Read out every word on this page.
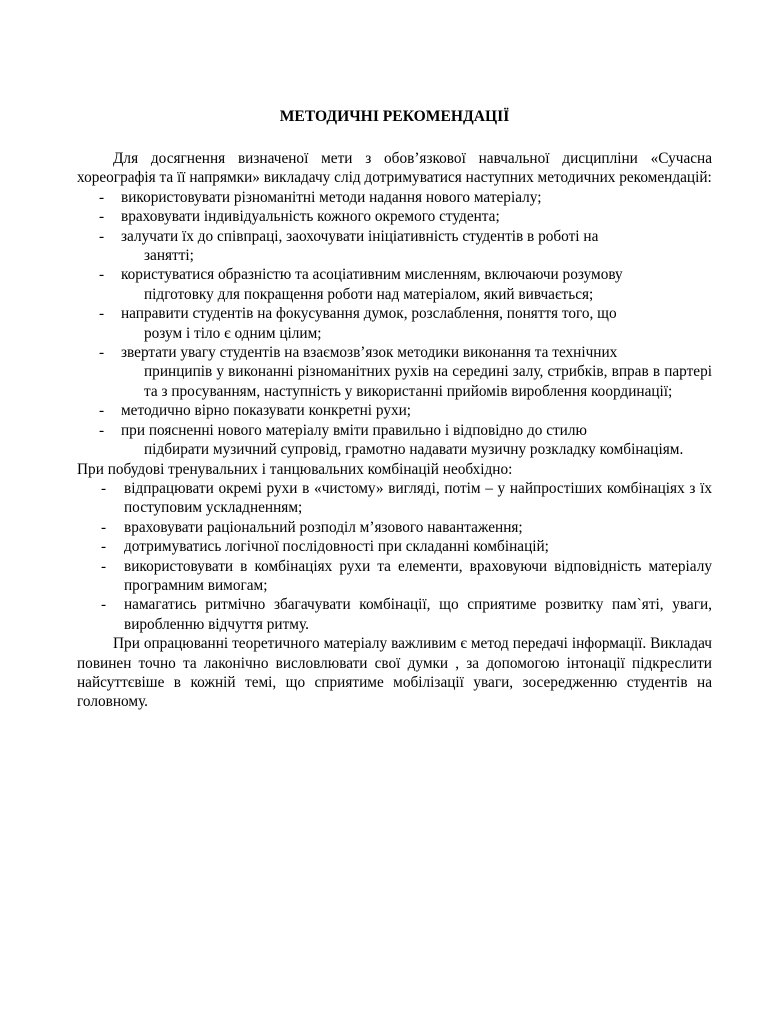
МЕТОДИЧНІ РЕКОМЕНДАЦІЇ

Для досягнення визначеної мети з обов’язкової навчальної дисципліни «Сучасна хореографія та її напрямки» викладачу слід дотримуватися наступних методичних рекомендацій:

- використовувати різноманітні методи надання нового матеріалу;
- враховувати індивідуальність кожного окремого студента;
- залучати їх до співпраці, заохочувати ініціативність студентів в роботі на
занятті;
- користуватися образністю та асоціативним мисленням, включаючи розумову
підготовку для покращення роботи над матеріалом, який вивчається;
- направити студентів на фокусування думок, розслаблення, поняття того, що
розум і тіло є одним цілим;
- звертати увагу студентів на взаємозв’язок методики виконання та технічних
принципів у виконанні різноманітних рухів на середині залу, стрибків, вправ в партері та з просуванням, наступність у використанні прийомів вироблення координації;
- методично вірно показувати конкретні рухи;
- при поясненні нового матеріалу вміти правильно і відповідно до стилю
підбирати музичний супровід, грамотно надавати музичну розкладку комбінаціям.

При побудові тренувальних і танцювальних комбінацій необхідно:

- відпрацювати окремі рухи в «чистому» вигляді, потім – у найпростіших комбінаціях з їх поступовим ускладненням;
- враховувати раціональний розподіл м’язового навантаження;
- дотримуватись логічної послідовності при складанні комбінацій;
- використовувати в комбінаціях рухи та елементи, враховуючи відповідність матеріалу програмним вимогам;
- намагатись ритмічно збагачувати комбінації, що сприятиме розвитку пам`яті, уваги, виробленню відчуття ритму.

При опрацюванні теоретичного матеріалу важливим є метод передачі інформації. Викладач повинен точно та лаконічно висловлювати свої думки , за допомогою інтонації підкреслити найсуттєвіше в кожній темі, що сприятиме мобілізації уваги, зосередженню студентів на головному.
